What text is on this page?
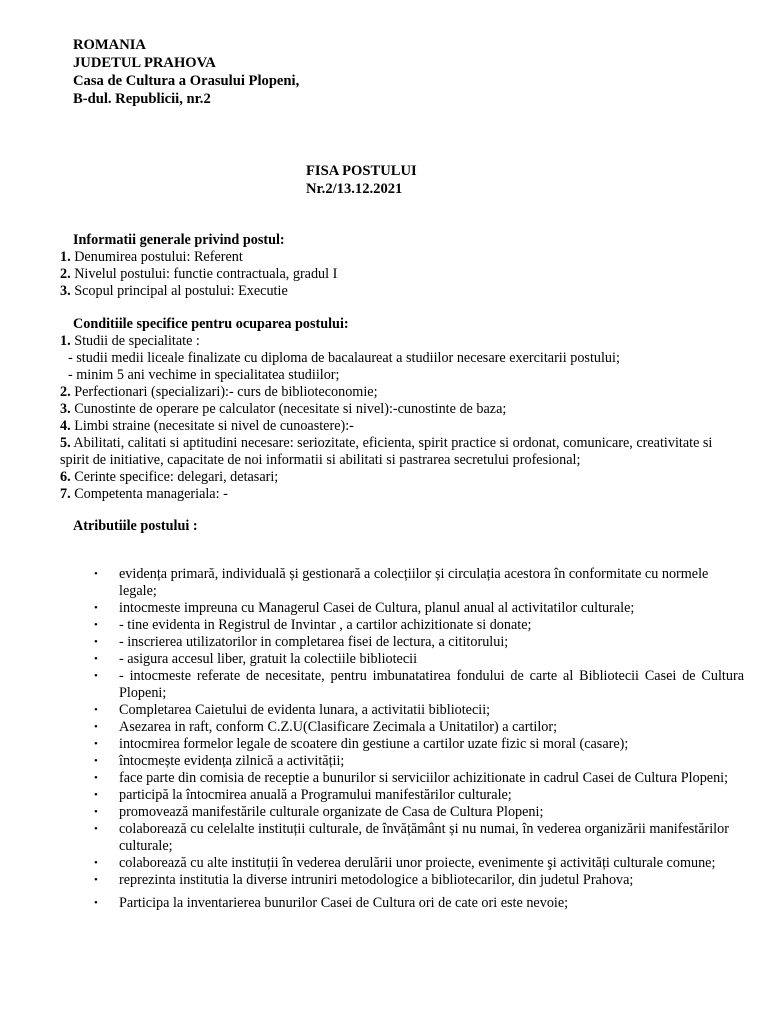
ROMANIA
JUDETUL PRAHOVA
Casa de Cultura a Orasului Plopeni,
B-dul. Republicii, nr.2
FISA POSTULUI
Nr.2/13.12.2021
Informatii generale privind postul:
1. Denumirea postului: Referent
2. Nivelul postului: functie contractuala, gradul I
3. Scopul principal al postului: Executie
Conditiile specifice pentru ocuparea postului:
1. Studii de specialitate :
- studii medii liceale finalizate cu diploma de bacalaureat a studiilor necesare exercitarii postului;
- minim 5 ani vechime in specialitatea studiilor;
2. Perfectionari (specializari):- curs de biblioteconomie;
3. Cunostinte de operare pe calculator (necesitate si nivel):-cunostinte de baza;
4. Limbi straine (necesitate si nivel de cunoastere):-
5. Abilitati, calitati si aptitudini necesare: seriozitate, eficienta, spirit practice si ordonat, comunicare, creativitate si spirit de initiative, capacitate de noi informatii si abilitati si pastrarea secretului profesional;
6. Cerinte specifice: delegari, detasari;
7. Competenta manageriala: -
Atributiile postului :
• evidența primară, individuală și gestionară a colecțiilor și circulația acestora în conformitate cu normele legale;
• intocmeste impreuna cu Managerul Casei de Cultura, planul anual al activitatilor culturale;
• - tine evidenta in Registrul de Invintar , a cartilor achizitionate si donate;
• - inscrierea utilizatorilor in completarea fisei de lectura, a cititorului;
• - asigura accesul liber, gratuit la colectiile bibliotecii
• - intocmeste referate de necesitate, pentru imbunatatirea fondului de carte al Bibliotecii Casei de Cultura Plopeni;
• Completarea Caietului de evidenta lunara, a activitatii bibliotecii;
• Asezarea in raft, conform C.Z.U(Clasificare Zecimala a Unitatilor) a cartilor;
• intocmirea formelor legale de scoatere din gestiune a cartilor uzate fizic si moral (casare);
• întocmește evidența zilnică a activității;
• face parte din comisia de receptie a bunurilor si serviciilor achizitionate in cadrul Casei de Cultura Plopeni;
• participă la întocmirea anuală a Programului manifestărilor culturale;
• promovează manifestările culturale organizate de Casa de Cultura Plopeni;
• colaborează cu celelalte instituții culturale, de învățământ și nu numai, în vederea organizării manifestărilor culturale;
• colaborează cu alte instituții în vederea derulării unor proiecte, evenimente şi activități culturale comune;
• reprezinta institutia la diverse intruniri metodologice a bibliotecarilor, din judetul Prahova;
• Participa la inventarierea bunurilor Casei de Cultura ori de cate ori este nevoie;
